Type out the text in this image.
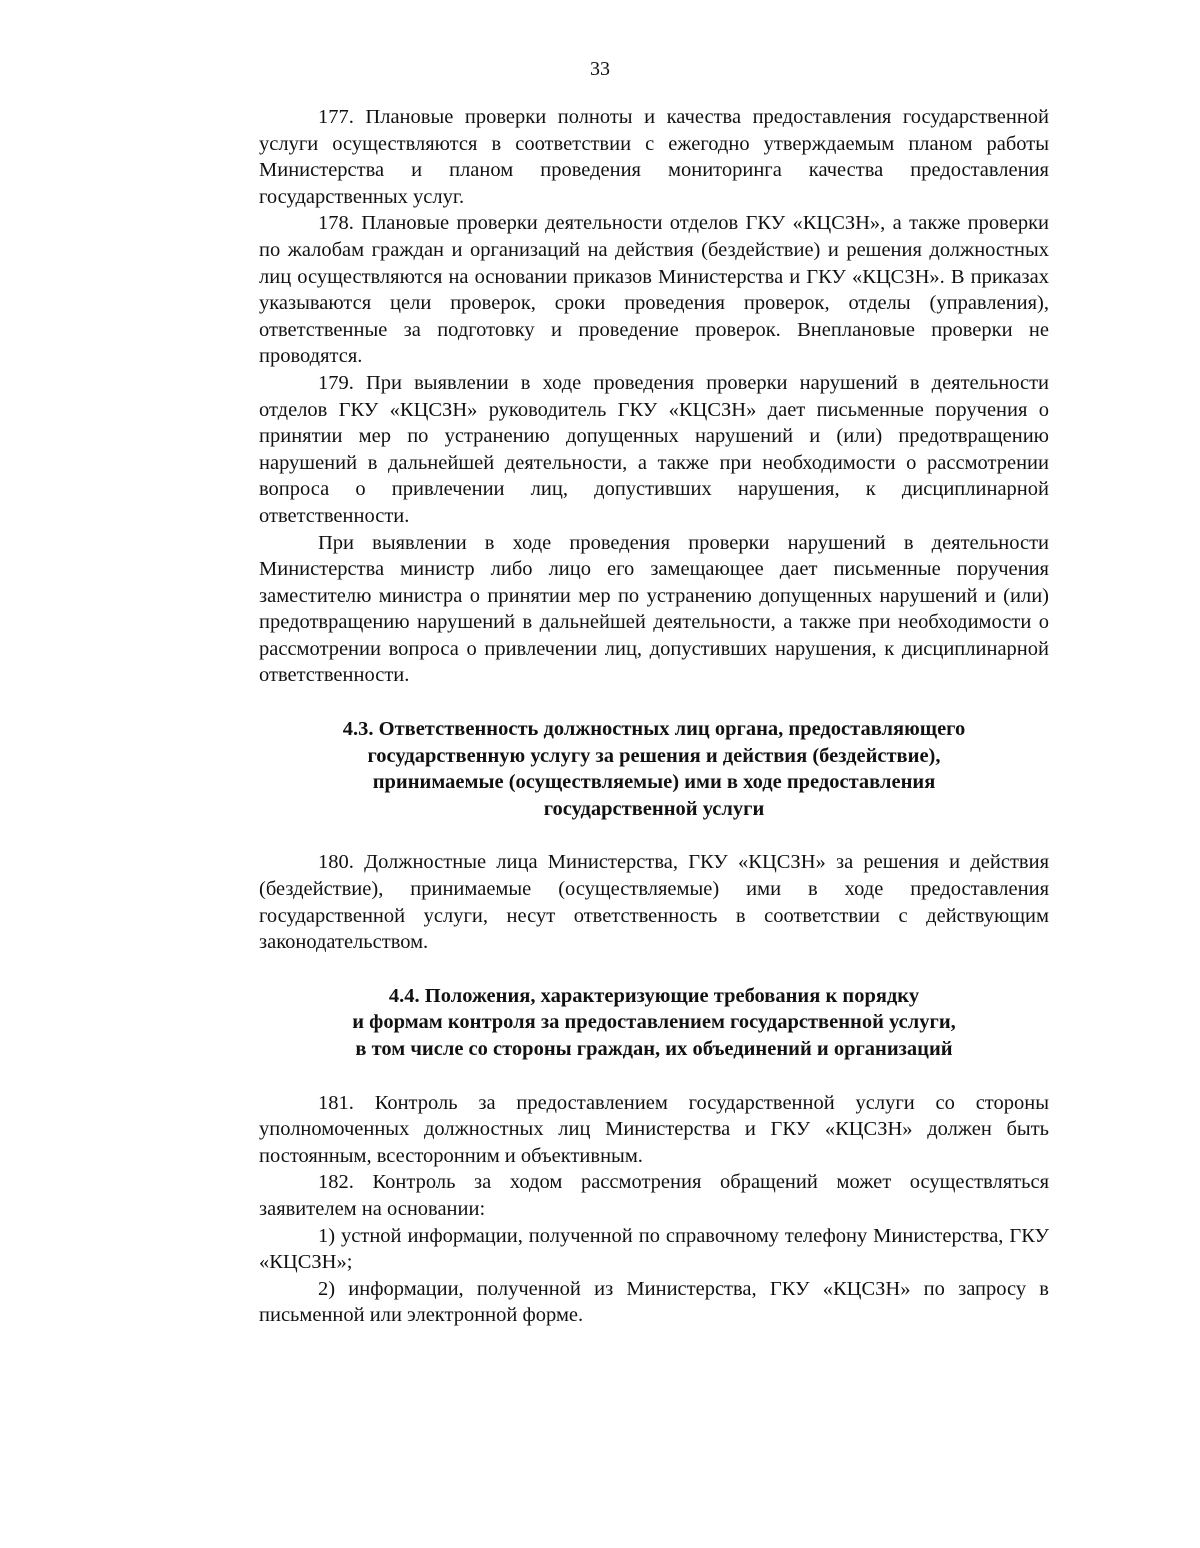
33

177. Плановые проверки полноты и качества предоставления государственной услуги осуществляются в соответствии с ежегодно утверждаемым планом работы Министерства и планом проведения мониторинга качества предоставления государственных услуг.

178. Плановые проверки деятельности отделов ГКУ «КЦСЗН», а также проверки по жалобам граждан и организаций на действия (бездействие) и решения должностных лиц осуществляются на основании приказов Министерства и ГКУ «КЦСЗН». В приказах указываются цели проверок, сроки проведения проверок, отделы (управления), ответственные за подготовку и проведение проверок. Внеплановые проверки не проводятся.

179. При выявлении в ходе проведения проверки нарушений в деятельности отделов ГКУ «КЦСЗН» руководитель ГКУ «КЦСЗН» дает письменные поручения о принятии мер по устранению допущенных нарушений и (или) предотвращению нарушений в дальнейшей деятельности, а также при необходимости о рассмотрении вопроса о привлечении лиц, допустивших нарушения, к дисциплинарной ответственности.

При выявлении в ходе проведения проверки нарушений в деятельности Министерства министр либо лицо его замещающее дает письменные поручения заместителю министра о принятии мер по устранению допущенных нарушений и (или) предотвращению нарушений в дальнейшей деятельности, а также при необходимости о рассмотрении вопроса о привлечении лиц, допустивших нарушения, к дисциплинарной ответственности.

4.3. Ответственность должностных лиц органа, предоставляющего
государственную услугу за решения и действия (бездействие),
принимаемые (осуществляемые) ими в ходе предоставления
государственной услуги

180. Должностные лица Министерства, ГКУ «КЦСЗН» за решения и действия (бездействие), принимаемые (осуществляемые) ими в ходе предоставления государственной услуги, несут ответственность в соответствии с действующим законодательством.

4.4. Положения, характеризующие требования к порядку
и формам контроля за предоставлением государственной услуги,
в том числе со стороны граждан, их объединений и организаций

181. Контроль за предоставлением государственной услуги со стороны уполномоченных должностных лиц Министерства и ГКУ «КЦСЗН» должен быть постоянным, всесторонним и объективным.

182. Контроль за ходом рассмотрения обращений может осуществляться заявителем на основании:

1) устной информации, полученной по справочному телефону Министерства, ГКУ «КЦСЗН»;

2) информации, полученной из Министерства, ГКУ «КЦСЗН» по запросу в письменной или электронной форме.
